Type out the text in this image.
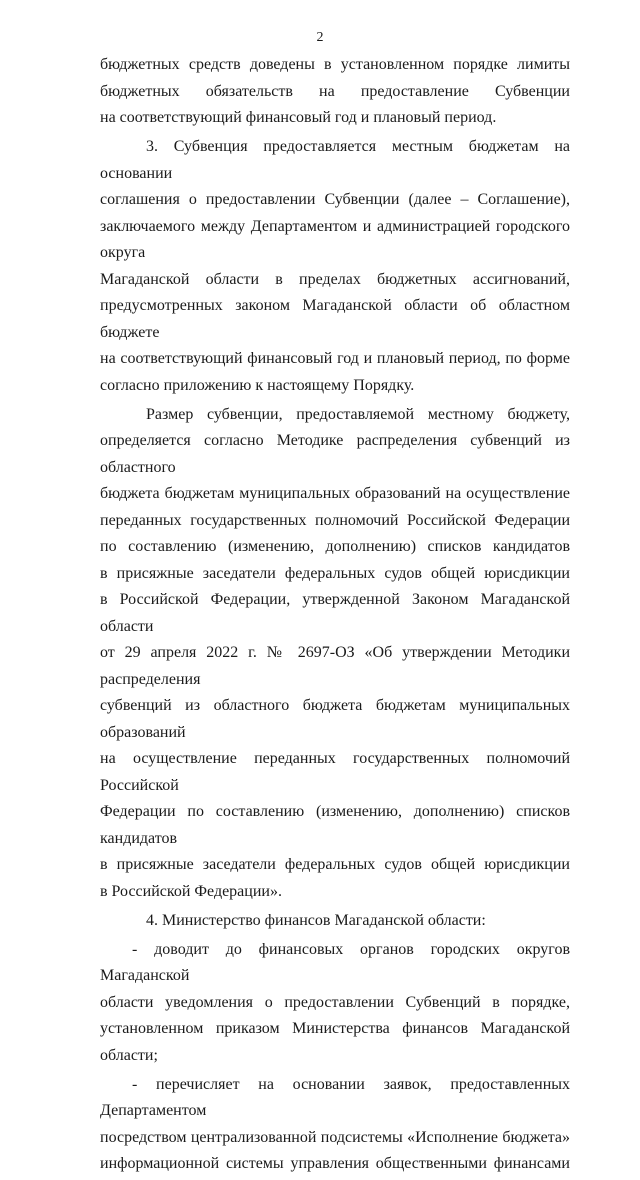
2
бюджетных средств доведены в установленном порядке лимиты
бюджетных обязательств на предоставление Субвенции
на соответствующий финансовый год и плановый период.
3. Субвенция предоставляется местным бюджетам на основании
соглашения о предоставлении Субвенции (далее – Соглашение),
заключаемого между Департаментом и администрацией городского округа
Магаданской области в пределах бюджетных ассигнований,
предусмотренных законом Магаданской области об областном бюджете
на соответствующий финансовый год и плановый период, по форме
согласно приложению к настоящему Порядку.
Размер субвенции, предоставляемой местному бюджету,
определяется согласно Методике распределения субвенций из областного
бюджета бюджетам муниципальных образований на осуществление
переданных государственных полномочий Российской Федерации
по составлению (изменению, дополнению) списков кандидатов
в присяжные заседатели федеральных судов общей юрисдикции
в Российской Федерации, утвержденной Законом Магаданской области
от 29 апреля 2022 г. № 2697-ОЗ «Об утверждении Методики распределения
субвенций из областного бюджета бюджетам муниципальных образований
на осуществление переданных государственных полномочий Российской
Федерации по составлению (изменению, дополнению) списков кандидатов
в присяжные заседатели федеральных судов общей юрисдикции
в Российской Федерации».
4. Министерство финансов Магаданской области:
- доводит до финансовых органов городских округов Магаданской
области уведомления о предоставлении Субвенций в порядке,
установленном приказом Министерства финансов Магаданской области;
- перечисляет на основании заявок, предоставленных Департаментом
посредством централизованной подсистемы «Исполнение бюджета»
информационной системы управления общественными финансами
